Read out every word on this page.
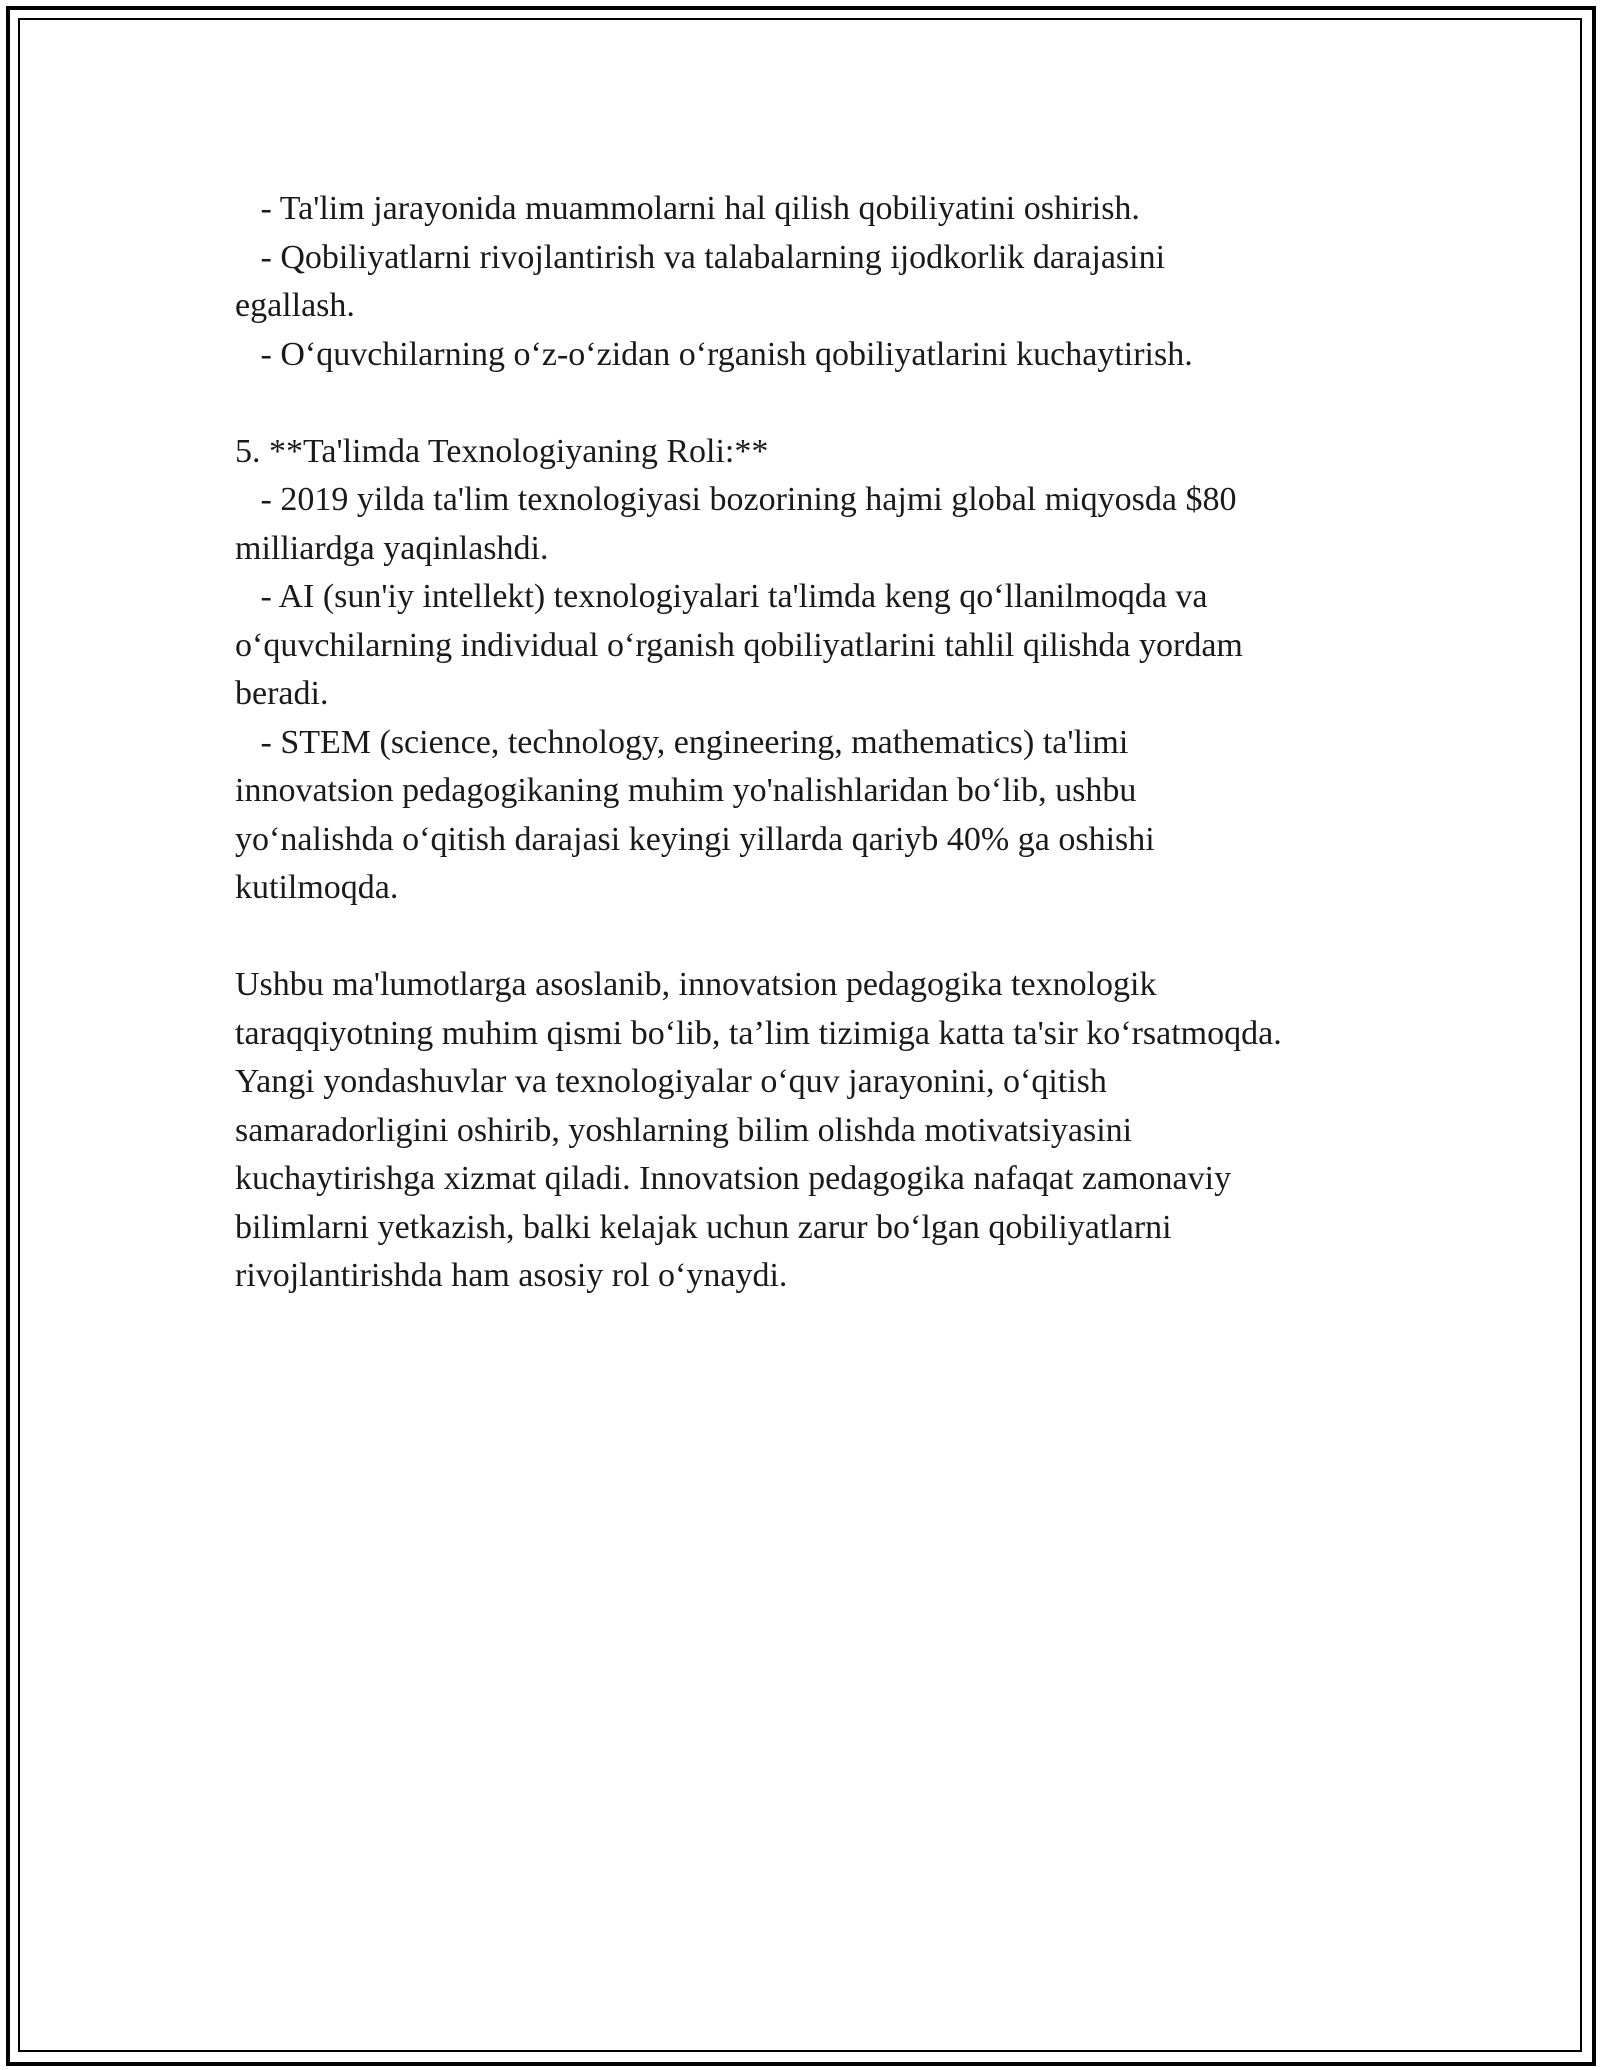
- Ta'lim jarayonida muammolarni hal qilish qobiliyatini oshirish.
- Qobiliyatlarni rivojlantirish va talabalarning ijodkorlik darajasini
egallash.
- Oʻquvchilarning oʻz-oʻzidan oʻrganish qobiliyatlarini kuchaytirish.
5. **Ta'limda Texnologiyaning Roli:**
- 2019 yilda ta'lim texnologiyasi bozorining hajmi global miqyosda $80
milliardga yaqinlashdi.
- AI (sun'iy intellekt) texnologiyalari ta'limda keng qoʻllanilmoqda va
oʻquvchilarning individual oʻrganish qobiliyatlarini tahlil qilishda yordam
beradi.
- STEM (science, technology, engineering, mathematics) ta'limi
innovatsion pedagogikaning muhim yo'nalishlaridan boʻlib, ushbu
yoʻnalishda oʻqitish darajasi keyingi yillarda qariyb 40% ga oshishi
kutilmoqda.
Ushbu ma'lumotlarga asoslanib, innovatsion pedagogika texnologik
taraqqiyotning muhim qismi boʻlib, ta’lim tizimiga katta ta'sir koʻrsatmoqda.
Yangi yondashuvlar va texnologiyalar oʻquv jarayonini, oʻqitish
samaradorligini oshirib, yoshlarning bilim olishda motivatsiyasini
kuchaytirishga xizmat qiladi. Innovatsion pedagogika nafaqat zamonaviy
bilimlarni yetkazish, balki kelajak uchun zarur boʻlgan qobiliyatlarni
rivojlantirishda ham asosiy rol oʻynaydi.
